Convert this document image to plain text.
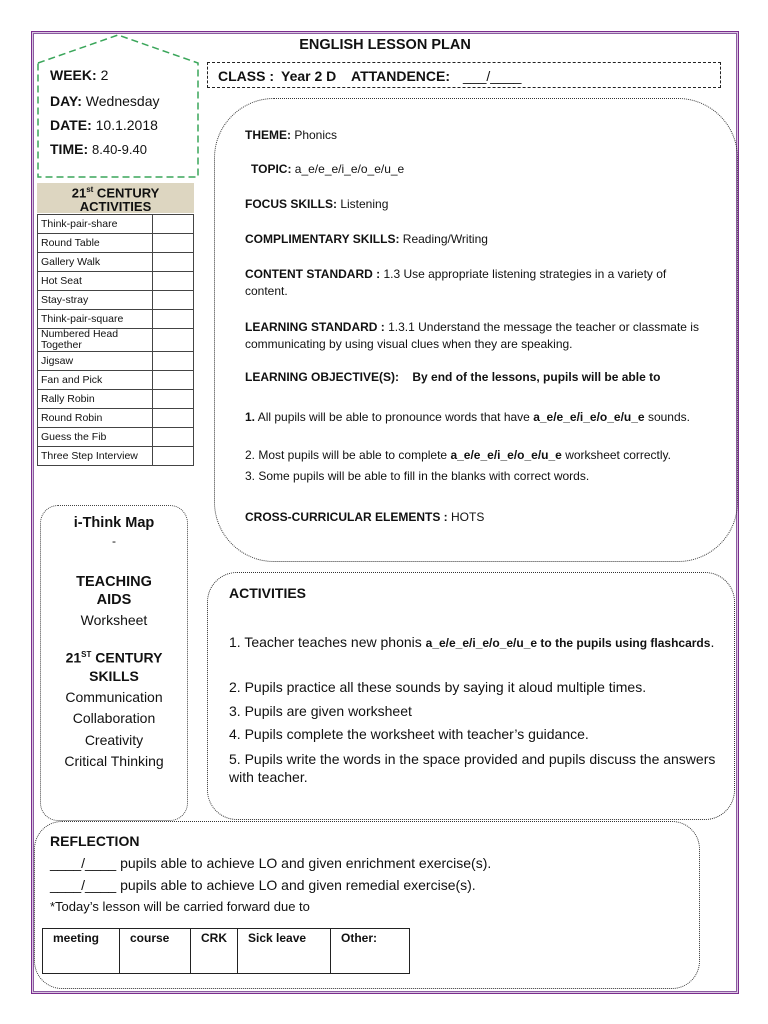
ENGLISH LESSON PLAN
CLASS : Year 2 D ATTANDENCE: ___/____
WEEK: 2
DAY: Wednesday
DATE: 10.1.2018
TIME: 8.40-9.40
21st CENTURY
ACTIVITIES
Think-pair-share	
Round Table	
Gallery Walk	
Hot Seat	
Stay-stray	
Think-pair-square	
Numbered Head Together	
Jigsaw	
Fan and Pick	
Rally Robin	
Round Robin	
Guess the Fib	
Three Step Interview	
i-Think Map
-
TEACHING AIDS
Worksheet
21ST CENTURY SKILLS
Communication
Collaboration
Creativity
Critical Thinking
THEME: Phonics
TOPIC: a_e/e_e/i_e/o_e/u_e
FOCUS SKILLS: Listening
COMPLIMENTARY SKILLS: Reading/Writing
CONTENT STANDARD : 1.3 Use appropriate listening strategies in a variety of content.
LEARNING STANDARD : 1.3.1 Understand the message the teacher or classmate is communicating by using visual clues when they are speaking.
LEARNING OBJECTIVE(S): By end of the lessons, pupils will be able to
1. All pupils will be able to pronounce words that have a_e/e_e/i_e/o_e/u_e sounds.
2. Most pupils will be able to complete a_e/e_e/i_e/o_e/u_e worksheet correctly.
3. Some pupils will be able to fill in the blanks with correct words.
CROSS-CURRICULAR ELEMENTS : HOTS
ACTIVITIES
1. Teacher teaches new phonis a_e/e_e/i_e/o_e/u_e to the pupils using flashcards.
2. Pupils practice all these sounds by saying it aloud multiple times.
3. Pupils are given worksheet
4. Pupils complete the worksheet with teacher’s guidance.
5. Pupils write the words in the space provided and pupils discuss the answers with teacher.
REFLECTION
____/____ pupils able to achieve LO and given enrichment exercise(s).
____/____ pupils able to achieve LO and given remedial exercise(s).
*Today’s lesson will be carried forward due to
meeting	course	CRK	Sick leave	Other:
